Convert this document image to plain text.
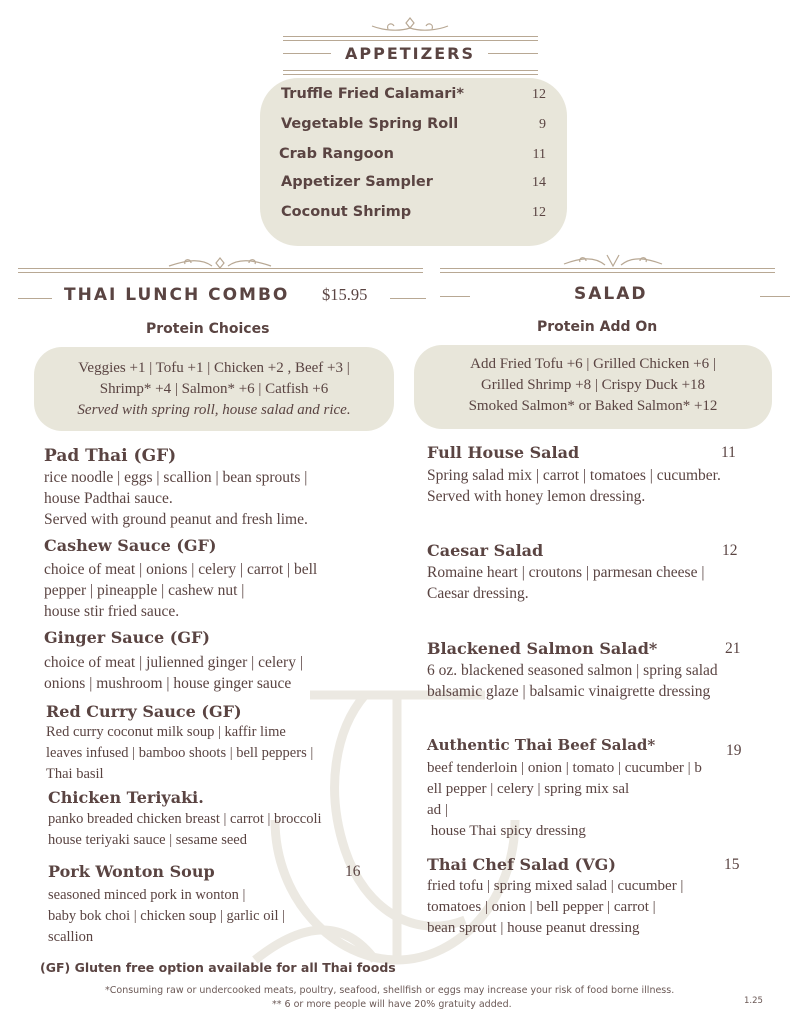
APPETIZERS
Truffle Fried Calamari*	12
Vegetable Spring Roll	9
Crab Rangoon	11
Appetizer Sampler	14
Coconut Shrimp	12
THAI LUNCH COMBO $15.95
Protein Choices
Veggies +1 | Tofu +1 | Chicken +2 , Beef +3 |
Shrimp* +4 | Salmon* +6 | Catfish +6
Served with spring roll, house salad and rice.
Pad Thai (GF)
rice noodle | eggs | scallion | bean sprouts |
house Padthai sauce.
Served with ground peanut and fresh lime.
Cashew Sauce (GF)
choice of meat | onions | celery | carrot | bell
pepper | pineapple | cashew nut |
house stir fried sauce.
Ginger Sauce (GF)
choice of meat | julienned ginger | celery |
onions | mushroom | house ginger sauce
Red Curry Sauce (GF)
Red curry coconut milk soup | kaffir lime
leaves infused | bamboo shoots | bell peppers |
Thai basil
Chicken Teriyaki.
panko breaded chicken breast | carrot | broccoli
house teriyaki sauce | sesame seed
Pork Wonton Soup	16
seasoned minced pork in wonton |
baby bok choi | chicken soup | garlic oil |
scallion
(GF) Gluten free option available for all Thai foods
SALAD
Protein Add On
Add Fried Tofu +6 | Grilled Chicken +6 |
Grilled Shrimp +8 | Crispy Duck +18
Smoked Salmon* or Baked Salmon* +12
Full House Salad	11
Spring salad mix | carrot | tomatoes | cucumber.
Served with honey lemon dressing.
Caesar Salad	12
Romaine heart | croutons | parmesan cheese |
Caesar dressing.
Blackened Salmon Salad*	21
6 oz. blackened seasoned salmon | spring salad
balsamic glaze | balsamic vinaigrette dressing
Authentic Thai Beef Salad*	19
beef tenderloin | onion | tomato | cucumber | b
ell pepper | celery | spring mix sal
ad |
house Thai spicy dressing
Thai Chef Salad (VG)	15
fried tofu | spring mixed salad | cucumber |
tomatoes | onion | bell pepper | carrot |
bean sprout | house peanut dressing
*Consuming raw or undercooked meats, poultry, seafood, shellfish or eggs may increase your risk of food borne illness.
** 6 or more people will have 20% gratuity added.	1.25
